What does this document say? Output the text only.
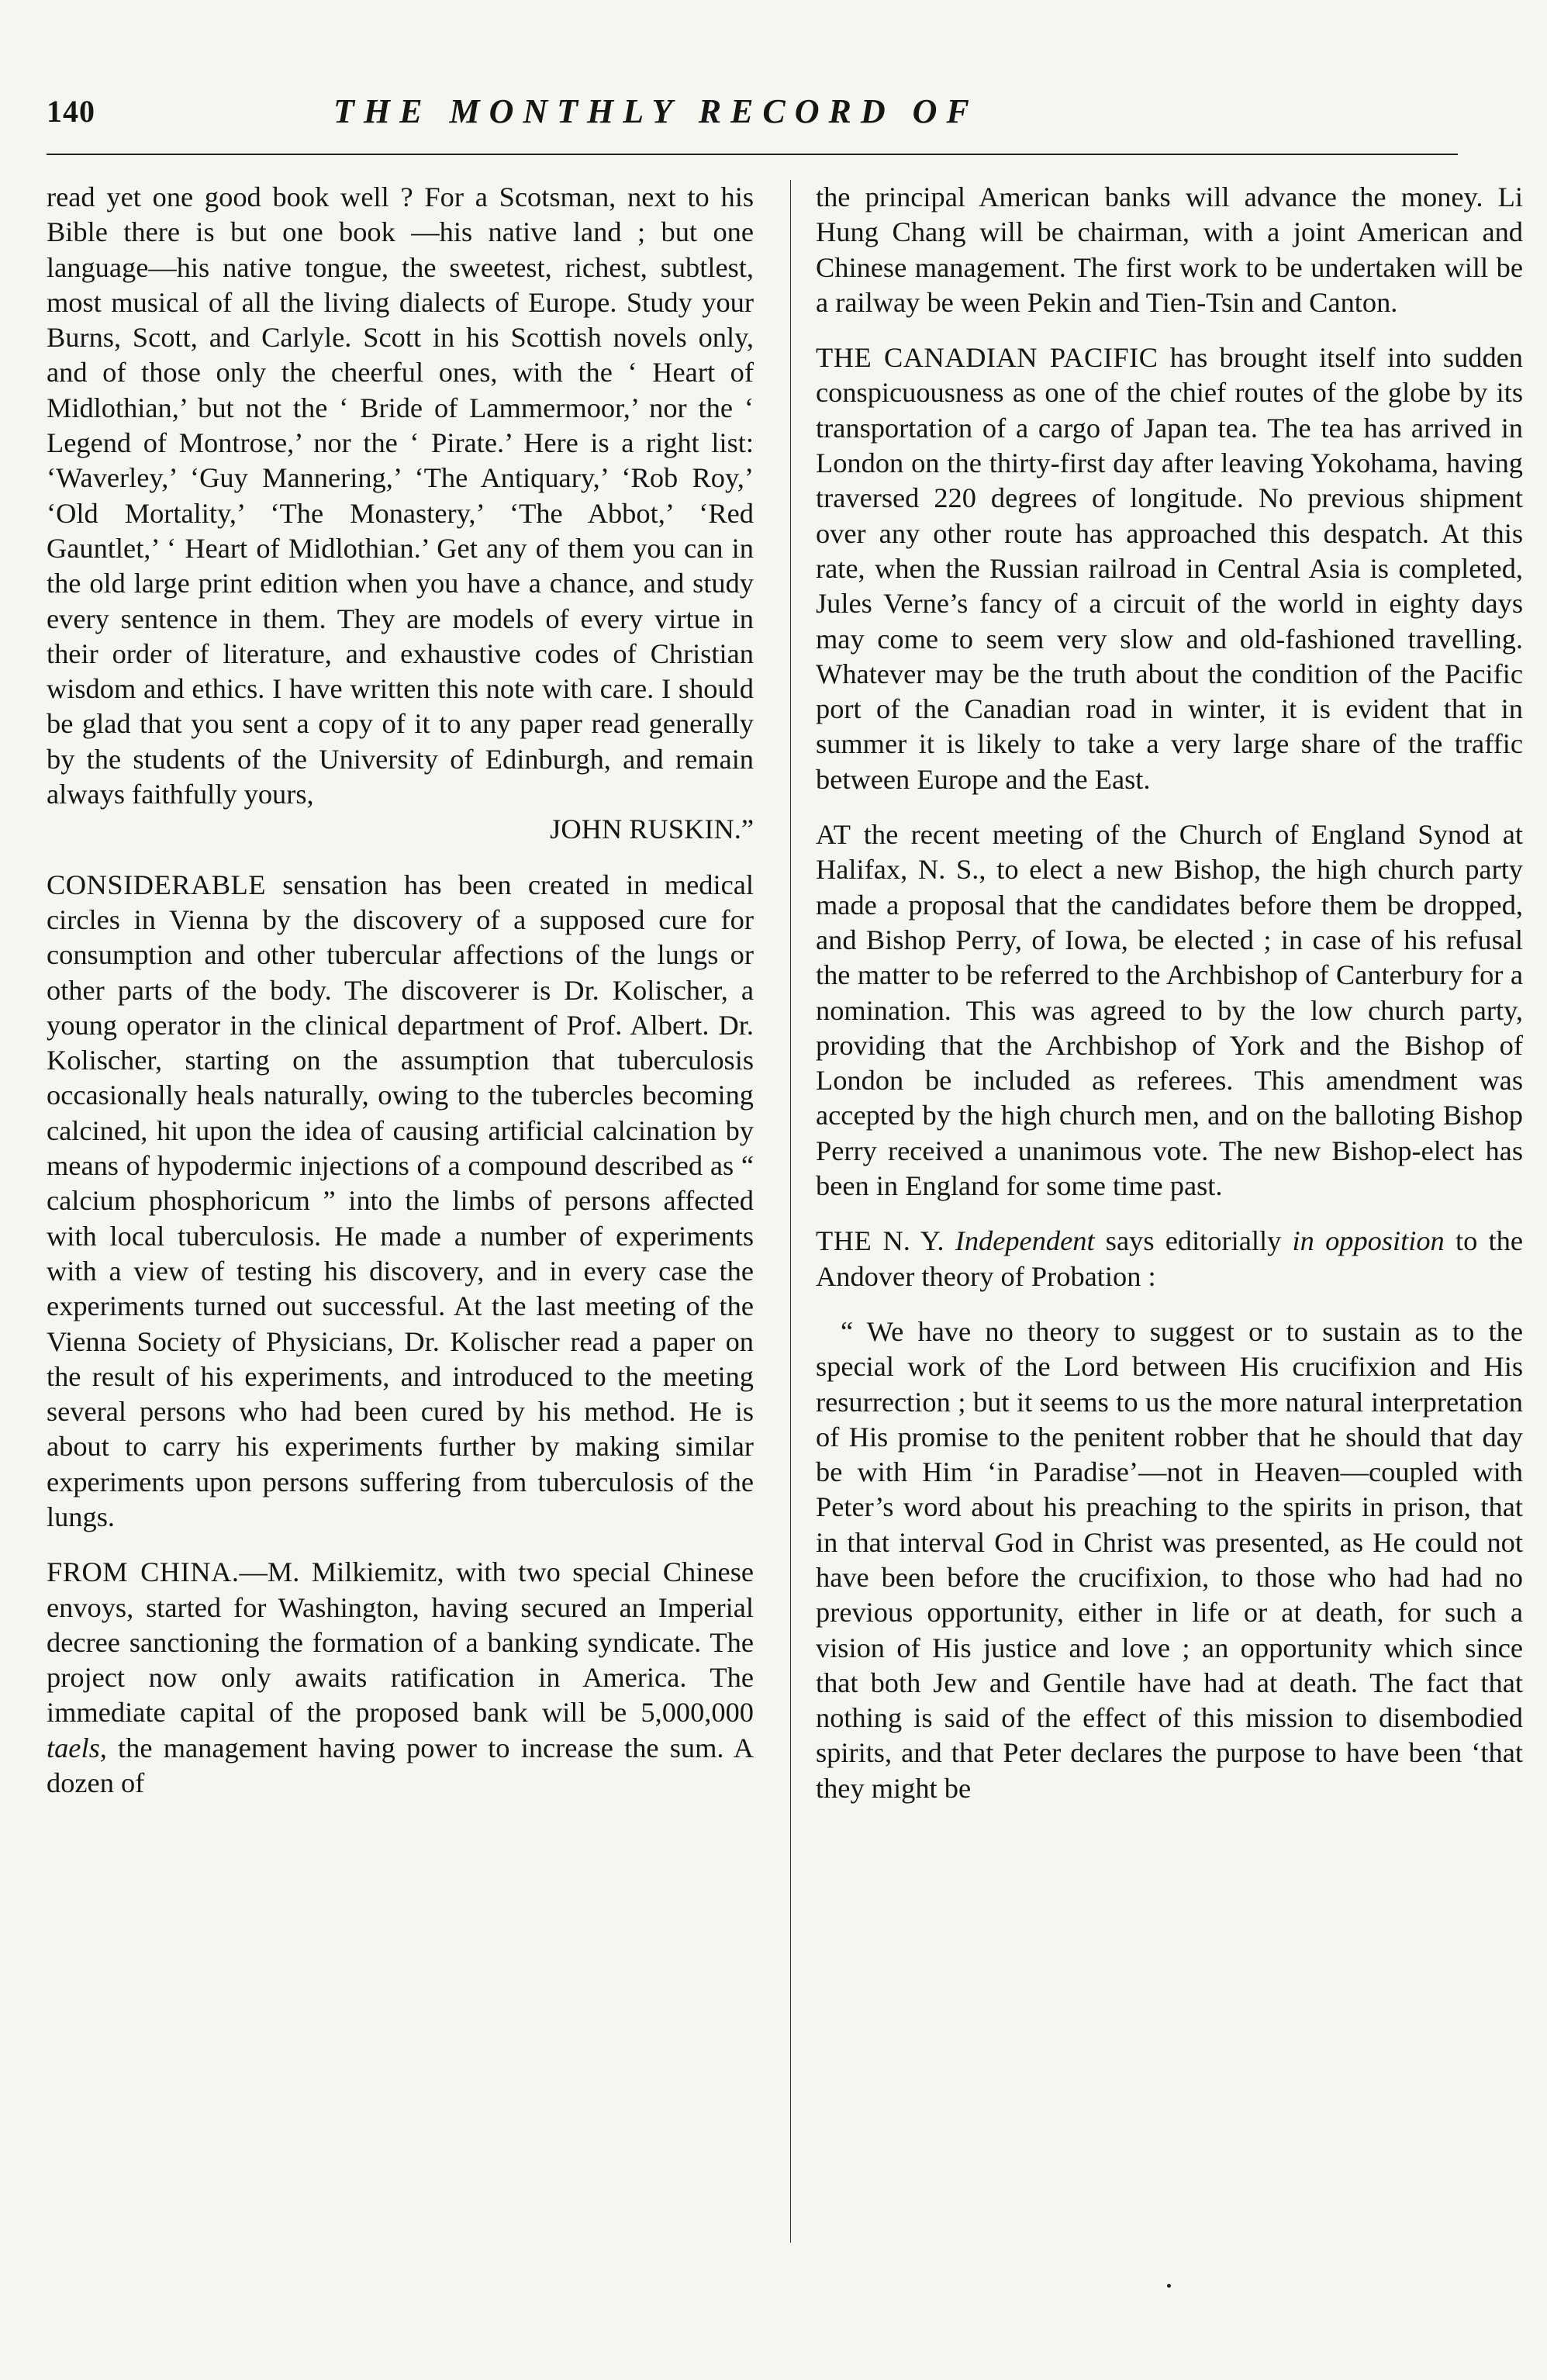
140	THE MONTHLY RECORD OF

read yet one good book well ? For a Scotsman, next to his Bible there is but one book —his native land ; but one language—his native tongue, the sweetest, richest, subtlest, most musical of all the living dialects of Europe. Study your Burns, Scott, and Carlyle. Scott in his Scottish novels only, and of those only the cheerful ones, with the ‘ Heart of Midlothian,’ but not the ‘ Bride of Lammermoor,’ nor the ‘ Legend of Montrose,’ nor the ‘ Pirate.’ Here is a right list: ‘Waverley,’ ‘Guy Mannering,’ ‘The Antiquary,’ ‘Rob Roy,’ ‘Old Mortality,’ ‘The Monastery,’ ‘The Abbot,’ ‘Red Gauntlet,’ ‘ Heart of Midlothian.’ Get any of them you can in the old large print edition when you have a chance, and study every sentence in them. They are models of every virtue in their order of literature, and exhaustive codes of Christian wisdom and ethics. I have written this note with care. I should be glad that you sent a copy of it to any paper read generally by the students of the University of Edinburgh, and remain always faithfully yours,
JOHN RUSKIN.”

CONSIDERABLE sensation has been created in medical circles in Vienna by the discovery of a supposed cure for consumption and other tubercular affections of the lungs or other parts of the body. The discoverer is Dr. Kolischer, a young operator in the clinical department of Prof. Albert. Dr. Kolischer, starting on the assumption that tuberculosis occasionally heals naturally, owing to the tubercles becoming calcined, hit upon the idea of causing artificial calcination by means of hypodermic injections of a compound described as “ calcium phosphoricum ” into the limbs of persons affected with local tuberculosis. He made a number of experiments with a view of testing his discovery, and in every case the experiments turned out successful. At the last meeting of the Vienna Society of Physicians, Dr. Kolischer read a paper on the result of his experiments, and introduced to the meeting several persons who had been cured by his method. He is about to carry his experiments further by making similar experiments upon persons suffering from tuberculosis of the lungs.

FROM CHINA.—M. Milkiemitz, with two special Chinese envoys, started for Washington, having secured an Imperial decree sanctioning the formation of a banking syndicate. The project now only awaits ratification in America. The immediate capital of the proposed bank will be 5,000,000 taels, the management having power to increase the sum. A dozen of

the principal American banks will advance the money. Li Hung Chang will be chairman, with a joint American and Chinese management. The first work to be undertaken will be a railway be ween Pekin and Tien-Tsin and Canton.

THE CANADIAN PACIFIC has brought itself into sudden conspicuousness as one of the chief routes of the globe by its transportation of a cargo of Japan tea. The tea has arrived in London on the thirty-first day after leaving Yokohama, having traversed 220 degrees of longitude. No previous shipment over any other route has approached this despatch. At this rate, when the Russian railroad in Central Asia is completed, Jules Verne’s fancy of a circuit of the world in eighty days may come to seem very slow and old-fashioned travelling. Whatever may be the truth about the condition of the Pacific port of the Canadian road in winter, it is evident that in summer it is likely to take a very large share of the traffic between Europe and the East.

AT the recent meeting of the Church of England Synod at Halifax, N. S., to elect a new Bishop, the high church party made a proposal that the candidates before them be dropped, and Bishop Perry, of Iowa, be elected ; in case of his refusal the matter to be referred to the Archbishop of Canterbury for a nomination. This was agreed to by the low church party, providing that the Archbishop of York and the Bishop of London be included as referees. This amendment was accepted by the high church men, and on the balloting Bishop Perry received a unanimous vote. The new Bishop-elect has been in England for some time past.

THE N. Y. Independent says editorially in opposition to the Andover theory of Probation :

“ We have no theory to suggest or to sustain as to the special work of the Lord between His crucifixion and His resurrection ; but it seems to us the more natural interpretation of His promise to the penitent robber that he should that day be with Him ‘in Paradise’—not in Heaven—coupled with Peter’s word about his preaching to the spirits in prison, that in that interval God in Christ was presented, as He could not have been before the crucifixion, to those who had had no previous opportunity, either in life or at death, for such a vision of His justice and love ; an opportunity which since that both Jew and Gentile have had at death. The fact that nothing is said of the effect of this mission to disembodied spirits, and that Peter declares the purpose to have been ‘that they might be
